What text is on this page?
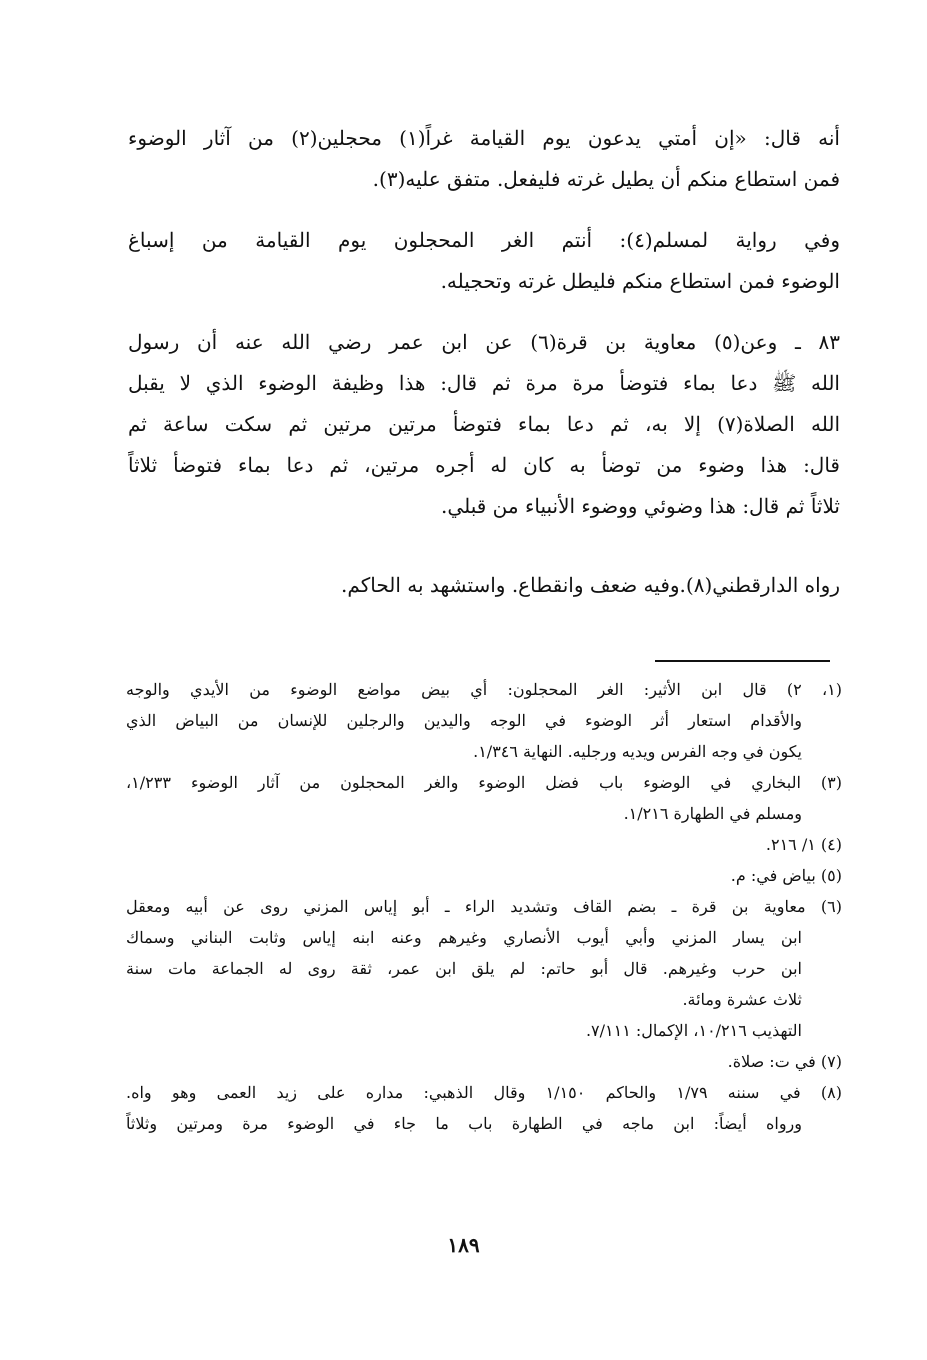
أنه قال: «إن أمتي يدعون يوم القيامة غراً(١) محجلين(٢) من آثار الوضوء
فمن استطاع منكم أن يطيل غرته فليفعل. متفق عليه(٣).
وفي رواية لمسلم(٤): أنتم الغر المحجلون يوم القيامة من إسباغ
الوضوء فمن استطاع منكم فليطل غرته وتحجيله.
٨٣ ـ وعن(٥) معاوية بن قرة(٦) عن ابن عمر رضي الله عنه أن رسول
الله ﷺ دعا بماء فتوضأ مرة مرة ثم قال: هذا وظيفة الوضوء الذي لا يقبل
الله الصلاة(٧) إلا به، ثم دعا بماء فتوضأ مرتين مرتين ثم سكت ساعة ثم
قال: هذا وضوء من توضأ به كان له أجره مرتين، ثم دعا بماء فتوضأ ثلاثاً
ثلاثاً ثم قال: هذا وضوئي ووضوء الأنبياء من قبلي.
رواه الدارقطني(٨).وفيه ضعف وانقطاع. واستشهد به الحاكم.
(١، ٢) قال ابن الأثير: الغر المحجلون: أي بيض مواضع الوضوء من الأيدي والوجه
والأقدام استعار أثر الوضوء في الوجه واليدين والرجلين للإنسان من البياض الذي
يكون في وجه الفرس ويديه ورجليه. النهاية ١/٣٤٦.
(٣) البخاري في الوضوء باب فضل الوضوء والغر المحجلون من آثار الوضوء ١/٢٣٣،
ومسلم في الطهارة ١/٢١٦.
(٤) ١/ ٢١٦.
(٥) بياض في: م.
(٦) معاوية بن قرة ـ بضم القاف وتشديد الراء ـ أبو إياس المزني روى عن أبيه ومعقل
ابن يسار المزني وأبي أيوب الأنصاري وغيرهم وعنه ابنه إياس وثابت البناني وسماك
ابن حرب وغيرهم. قال أبو حاتم: لم يلق ابن عمر، ثقة روى له الجماعة مات سنة
ثلاث عشرة ومائة.
التهذيب ١٠/٢١٦، الإكمال: ٧/١١١.
(٧) في ت: صلاة.
(٨) في سننه ١/٧٩ والحاكم ١/١٥٠ وقال الذهبي: مداره على زيد العمى وهو واه.
ورواه أيضاً: ابن ماجه في الطهارة باب ما جاء في الوضوء مرة ومرتين وثلاثاً
١٨٩
